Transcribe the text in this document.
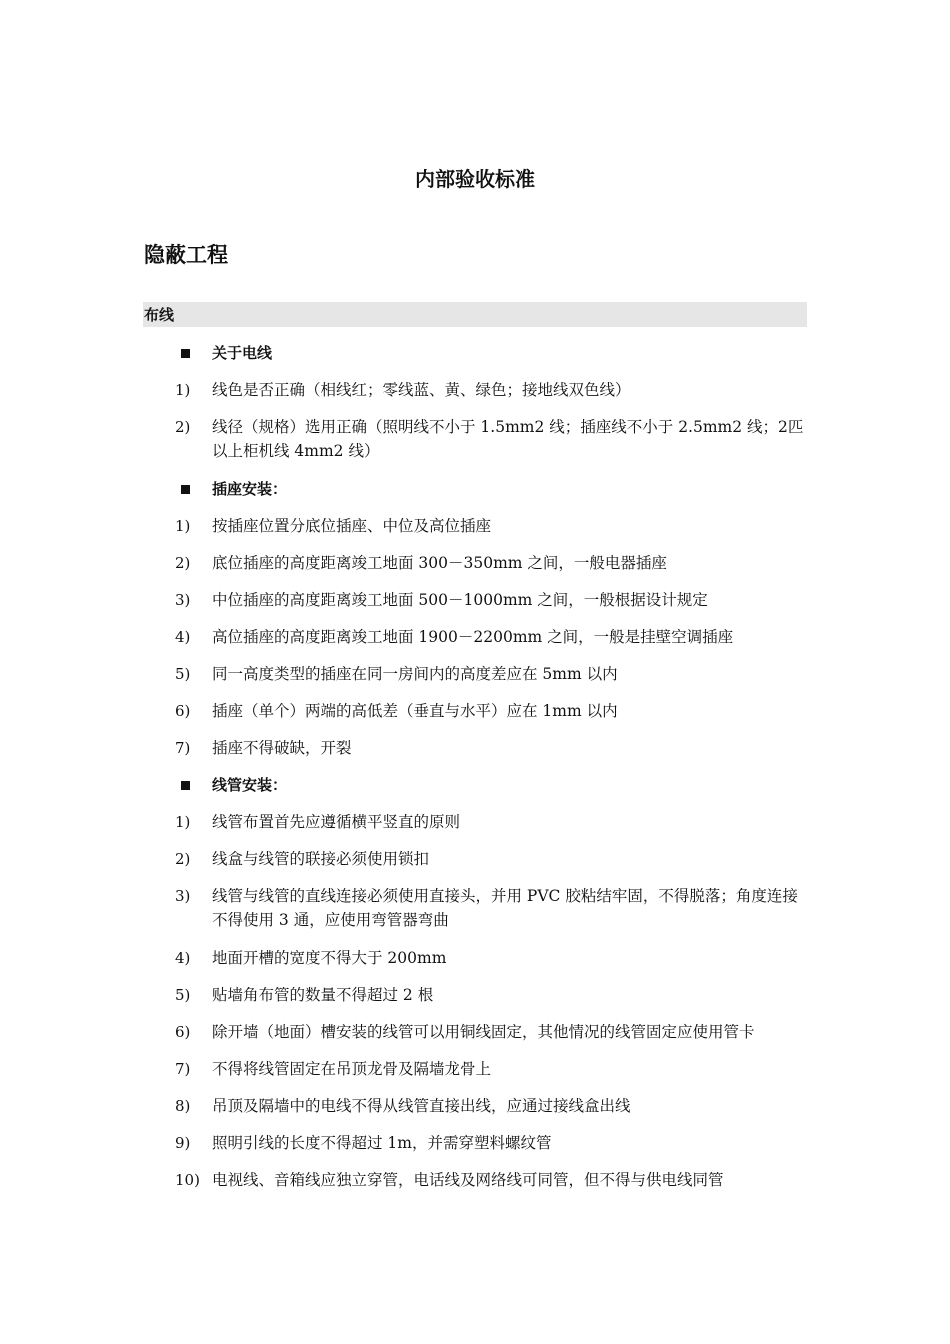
内部验收标准
隐蔽工程
布线
关于电线
1)	线色是否正确（相线红；零线蓝、黄、绿色；接地线双色线）
2)	线径（规格）选用正确（照明线不小于 1.5mm2 线；插座线不小于 2.5mm2 线；2匹以上柜机线 4mm2 线）
插座安装：
1)	按插座位置分底位插座、中位及高位插座
2)	底位插座的高度距离竣工地面 300－350mm 之间，一般电器插座
3)	中位插座的高度距离竣工地面 500－1000mm 之间，一般根据设计规定
4)	高位插座的高度距离竣工地面 1900－2200mm 之间，一般是挂壁空调插座
5)	同一高度类型的插座在同一房间内的高度差应在 5mm 以内
6)	插座（单个）两端的高低差（垂直与水平）应在 1mm 以内
7)	插座不得破缺，开裂
线管安装：
1)	线管布置首先应遵循横平竖直的原则
2)	线盒与线管的联接必须使用锁扣
3)	线管与线管的直线连接必须使用直接头，并用 PVC 胶粘结牢固，不得脱落；角度连接不得使用 3 通，应使用弯管器弯曲
4)	地面开槽的宽度不得大于 200mm
5)	贴墙角布管的数量不得超过 2 根
6)	除开墙（地面）槽安装的线管可以用铜线固定，其他情况的线管固定应使用管卡
7)	不得将线管固定在吊顶龙骨及隔墙龙骨上
8)	吊顶及隔墙中的电线不得从线管直接出线，应通过接线盒出线
9)	照明引线的长度不得超过 1m，并需穿塑料螺纹管
10) 电视线、音箱线应独立穿管，电话线及网络线可同管，但不得与供电线同管
